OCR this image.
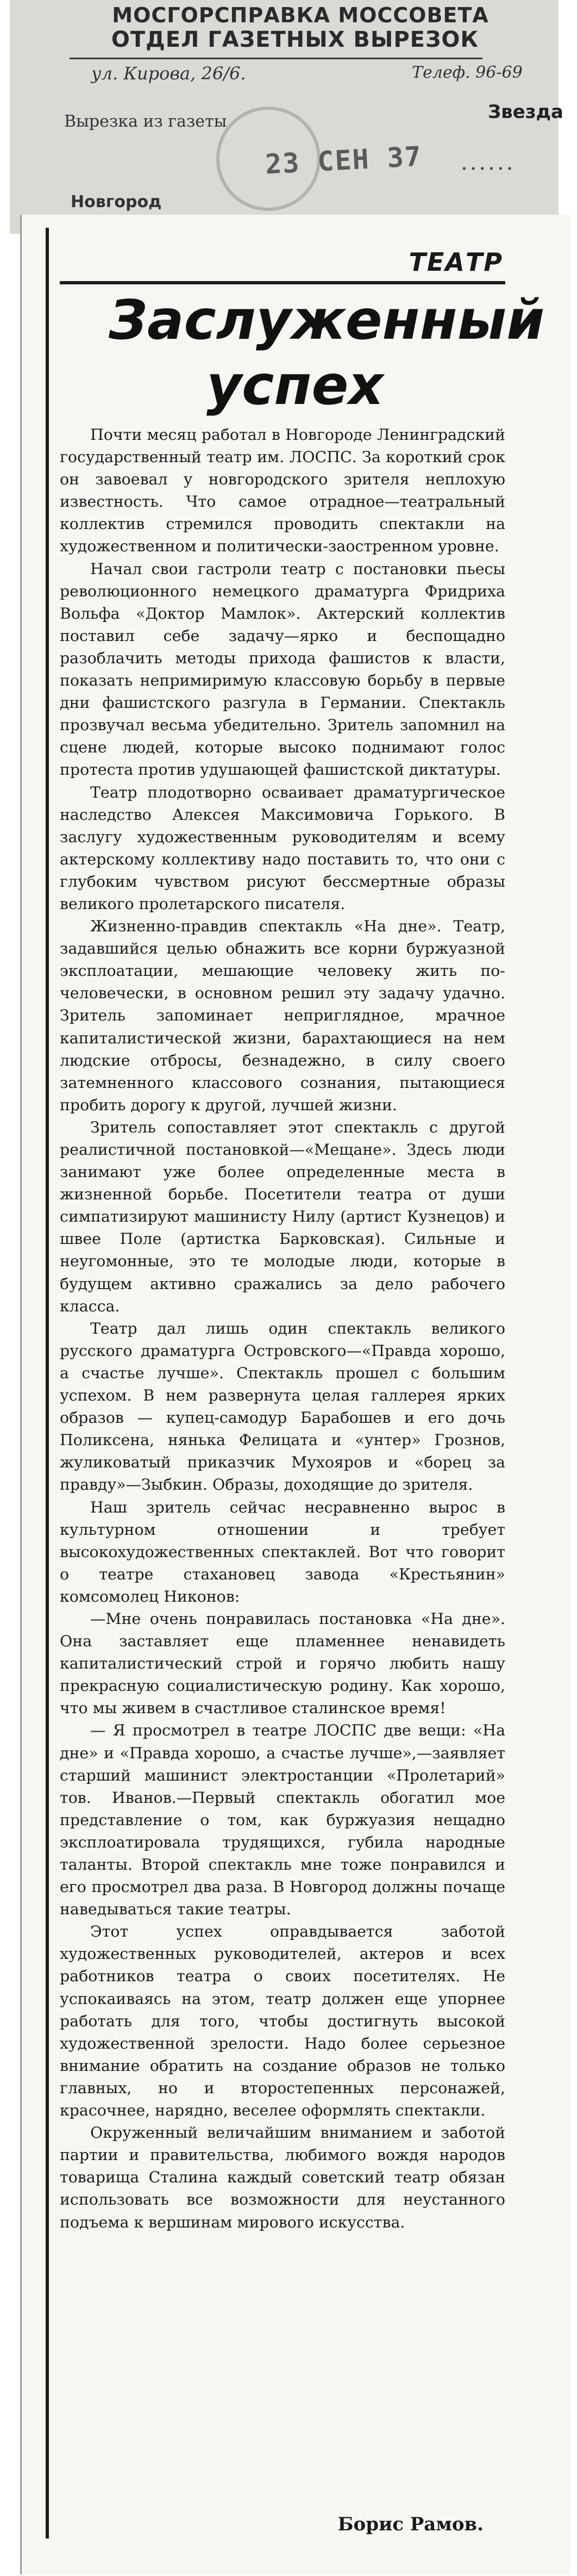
МОСГОРСПРАВКА МОССОВЕТА
ОТДЕЛ ГАЗЕТНЫХ ВЫРЕЗОК
ул. Кирова, 26/6.	Телеф. 96-69
Вырезка из газеты	Звезда
23 СЕН 37 ......
Новгород
ТЕАТР
Заслуженный
успех

Почти месяц работал в Новгороде Ленинградский государственный театр им. ЛОСПС. За короткий срок он завоевал у новгородского зрителя неплохую известность. Что самое отрадное—театральный коллектив стремился проводить спектакли на художественном и политически-заостренном уровне.

Начал свои гастроли театр с постановки пьесы революционного немецкого драматурга Фридриха Вольфа «Доктор Мамлок». Актерский коллектив поставил себе задачу—ярко и беспощадно разоблачить методы прихода фашистов к власти, показать непримиримую классовую борьбу в первые дни фашистского разгула в Германии. Спектакль прозвучал весьма убедительно. Зритель запомнил на сцене людей, которые высоко поднимают голос протеста против удушающей фашистской диктатуры.

Театр плодотворно осваивает драматургическое наследство Алексея Максимовича Горького. В заслугу художественным руководителям и всему актерскому коллективу надо поставить то, что они с глубоким чувством рисуют бессмертные образы великого пролетарского писателя.

Жизненно-правдив спектакль «На дне». Театр, задавшийся целью обнажить все корни буржуазной эксплоатации, мешающие человеку жить по-человечески, в основном решил эту задачу удачно. Зритель запоминает неприглядное, мрачное капиталистической жизни, барахтающиеся на нем людские отбросы, безнадежно, в силу своего затемненного классового сознания, пытающиеся пробить дорогу к другой, лучшей жизни.

Зритель сопоставляет этот спектакль с другой реалистичной постановкой—«Мещане». Здесь люди занимают уже более определенные места в жизненной борьбе. Посетители театра от души симпатизируют машинисту Нилу (артист Кузнецов) и швее Поле (артистка Барковская). Сильные и неугомонные, это те молодые люди, которые в будущем активно сражались за дело рабочего класса.

Театр дал лишь один спектакль великого русского драматурга Островского—«Правда хорошо, а счастье лучше». Спектакль прошел с большим успехом. В нем развернута целая галлерея ярких образов — купец-самодур Барабошев и его дочь Поликсена, нянька Фелицата и «унтер» Грознов, жуликоватый приказчик Мухояров и «борец за правду»—Зыбкин. Образы, доходящие до зрителя.

Наш зритель сейчас несравненно вырос в культурном отношении и требует высокохудожественных спектаклей. Вот что говорит о театре стахановец завода «Крестьянин» комсомолец Никонов:

—Мне очень понравилась постановка «На дне». Она заставляет еще пламеннее ненавидеть капиталистический строй и горячо любить нашу прекрасную социалистическую родину. Как хорошо, что мы живем в счастливое сталинское время!

— Я просмотрел в театре ЛОСПС две вещи: «На дне» и «Правда хорошо, а счастье лучше»,—заявляет старший машинист электростанции «Пролетарий» тов. Иванов.—Первый спектакль обогатил мое представление о том, как буржуазия нещадно эксплоатировала трудящихся, губила народные таланты. Второй спектакль мне тоже понравился и его просмотрел два раза. В Новгород должны почаще наведываться такие театры.

Этот успех оправдывается заботой художественных руководителей, актеров и всех работников театра о своих посетителях. Не успокаиваясь на этом, театр должен еще упорнее работать для того, чтобы достигнуть высокой художественной зрелости. Надо более серьезное внимание обратить на создание образов не только главных, но и второстепенных персонажей, красочнее, нарядно, веселее оформлять спектакли.

Окруженный величайшим вниманием и заботой партии и правительства, любимого вождя народов товарища Сталина каждый советский театр обязан использовать все возможности для неустанного подъема к вершинам мирового искусства.

Борис Рамов.
